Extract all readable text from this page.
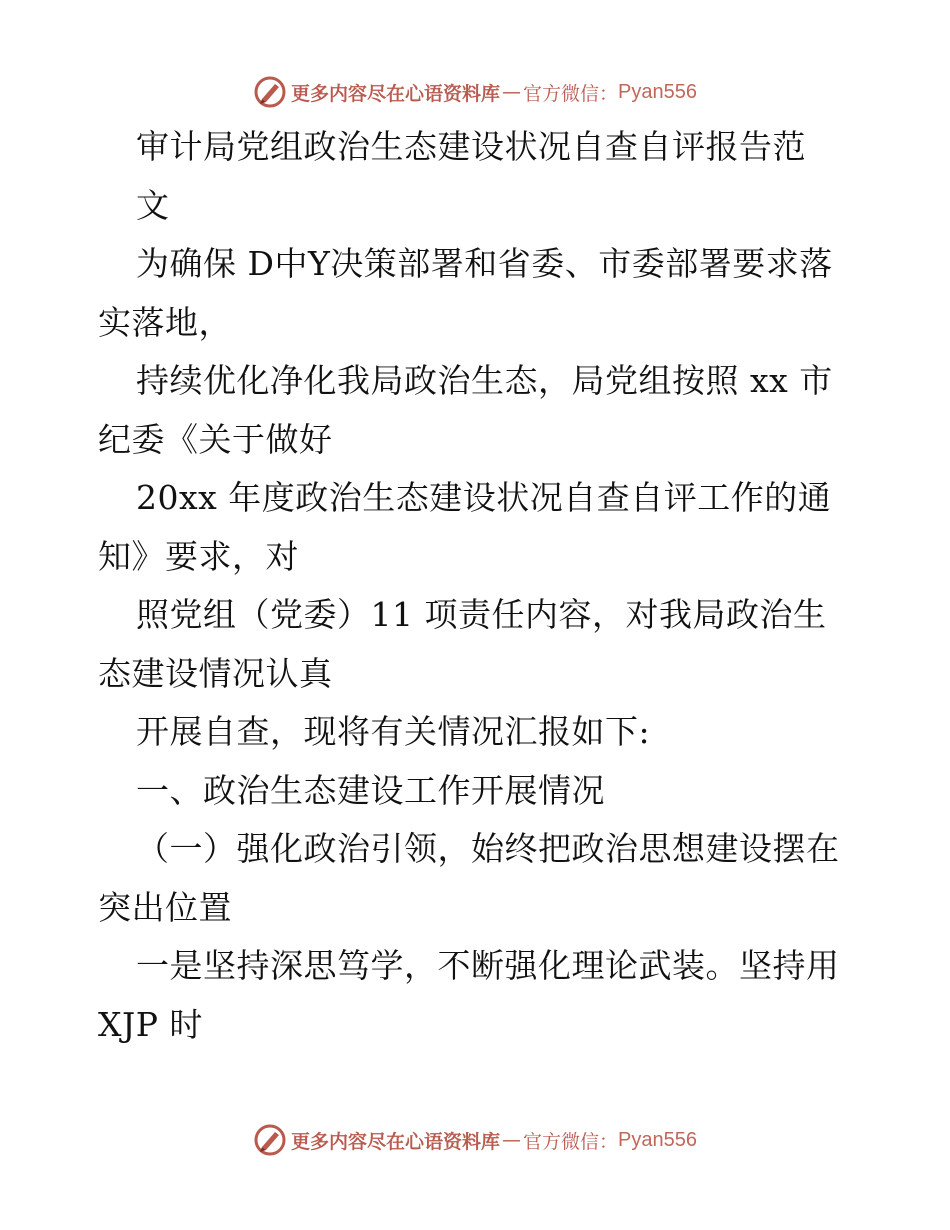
更多内容尽在心语资料库 — 官方微信： Pyan556
审计局党组政治生态建设状况自查自评报告范
文
为确保 D中Y决策部署和省委、市委部署要求落
实落地，
持续优化净化我局政治生态，局党组按照 xx 市
纪委《关于做好
20xx 年度政治生态建设状况自查自评工作的通
知》要求，对
照党组（党委）11 项责任内容，对我局政治生
态建设情况认真
开展自查，现将有关情况汇报如下:
一、政治生态建设工作开展情况
（一）强化政治引领，始终把政治思想建设摆在
突出位置
一是坚持深思笃学，不断强化理论武装。坚持用
XJP 时
更多内容尽在心语资料库 — 官方微信： Pyan556
